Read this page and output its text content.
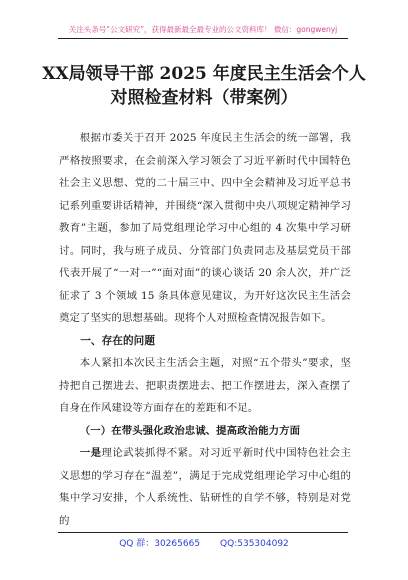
关注头条号“公文研究”，获得最新最全最专业的公文资料库！ 微信：gongwenyj
XX局领导干部 2025 年度民主生活会个人
对照检查材料（带案例）

根据市委关于召开 2025 年度民主生活会的统一部署，我严格按照要求，在会前深入学习领会了习近平新时代中国特色社会主义思想、党的二十届三中、四中全会精神及习近平总书记系列重要讲话精神，并围绕“深入贯彻中央八项规定精神学习教育”主题，参加了局党组理论学习中心组的 4 次集中学习研讨。同时，我与班子成员、分管部门负责同志及基层党员干部代表开展了“一对一”“面对面”的谈心谈话 20 余人次，并广泛征求了 3 个领域 15 条具体意见建议，为开好这次民主生活会奠定了坚实的思想基础。现将个人对照检查情况报告如下。

一、存在的问题

本人紧扣本次民主生活会主题，对照“五个带头”要求，坚持把自己摆进去、把职责摆进去、把工作摆进去，深入查摆了自身在作风建设等方面存在的差距和不足。

（一）在带头强化政治忠诚、提高政治能力方面

一是理论武装抓得不紧。对习近平新时代中国特色社会主义思想的学习存在“温差”，满足于完成党组理论学习中心组的集中学习安排，个人系统性、钻研性的自学不够，特别是对党的

QQ 群：30265665 QQ:535304092
